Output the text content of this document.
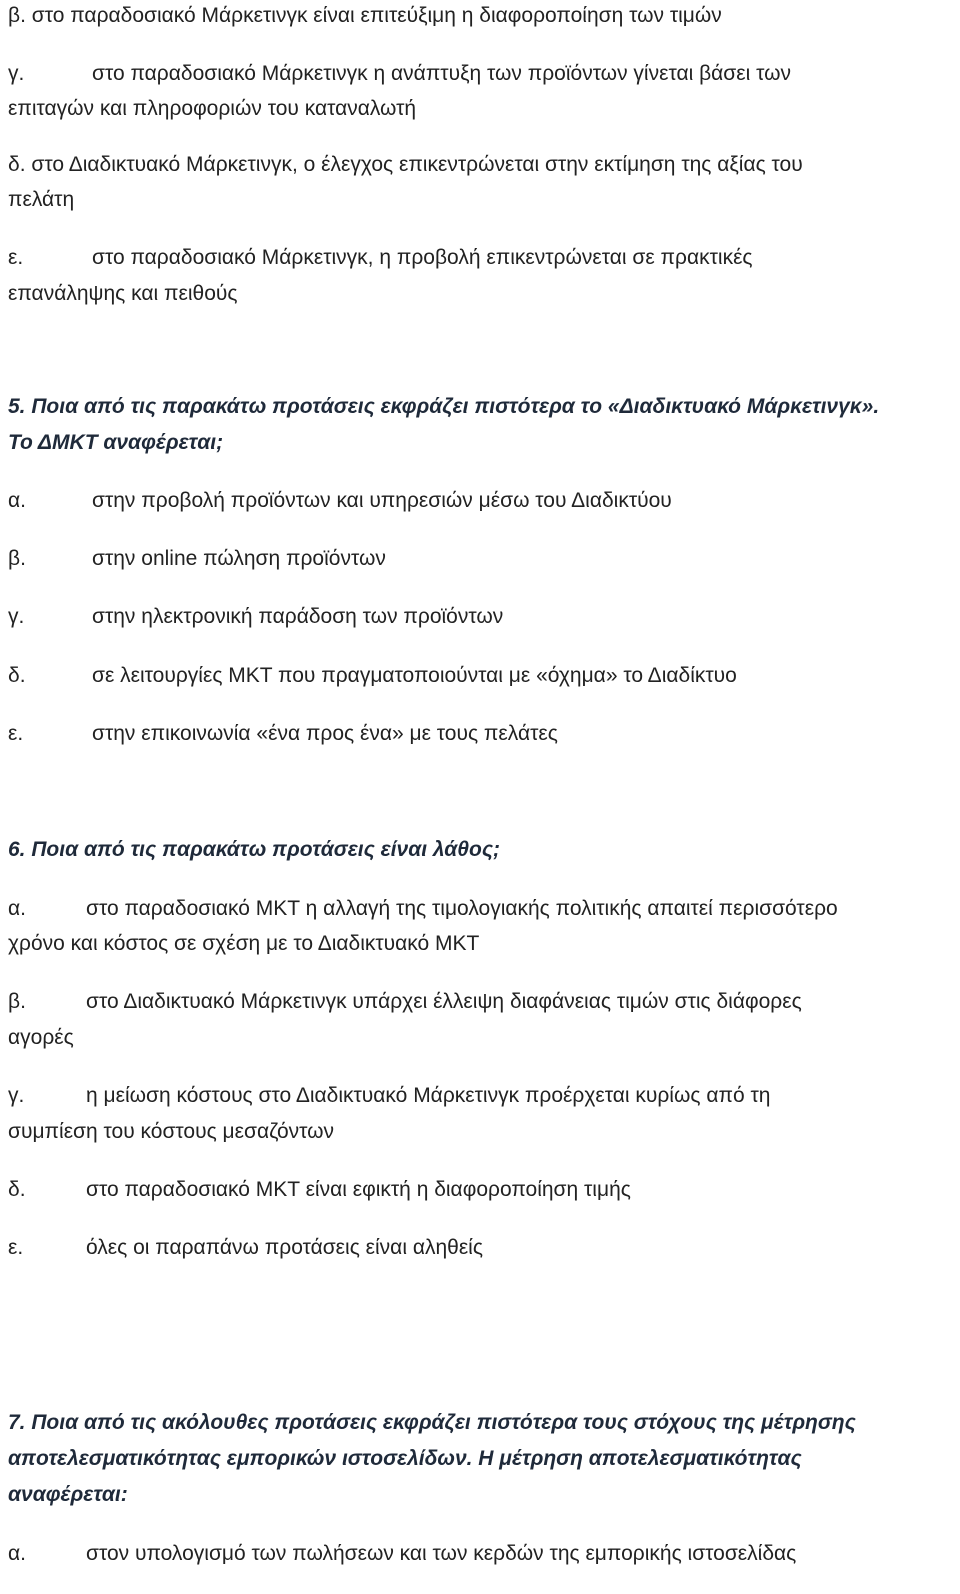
β. στο παραδοσιακό Μάρκετινγκ είναι επιτεύξιμη η διαφοροποίηση των τιμών

γ.	στο παραδοσιακό Μάρκετινγκ η ανάπτυξη των προϊόντων γίνεται βάσει των

επιταγών και πληροφοριών του καταναλωτή

δ. στο Διαδικτυακό Μάρκετινγκ, ο έλεγχος επικεντρώνεται στην εκτίμηση της αξίας του

πελάτη

ε.	στο παραδοσιακό Μάρκετινγκ, η προβολή επικεντρώνεται σε πρακτικές

επανάληψης και πειθούς

5. Ποια από τις παρακάτω προτάσεις εκφράζει πιστότερα το «Διαδικτυακό Μάρκετινγκ».

Το ΔΜΚΤ αναφέρεται;

α.	στην προβολή προϊόντων και υπηρεσιών μέσω του Διαδικτύου

β.	στην online πώληση προϊόντων

γ.	στην ηλεκτρονική παράδοση των προϊόντων

δ.	σε λειτουργίες ΜΚΤ που πραγματοποιούνται με «όχημα» το Διαδίκτυο

ε.	στην επικοινωνία «ένα προς ένα» με τους πελάτες

6. Ποια από τις παρακάτω προτάσεις είναι λάθος;

α.	στο παραδοσιακό ΜΚΤ η αλλαγή της τιμολογιακής πολιτικής απαιτεί περισσότερο

χρόνο και κόστος σε σχέση με το Διαδικτυακό ΜΚΤ

β.	στο Διαδικτυακό Μάρκετινγκ υπάρχει έλλειψη διαφάνειας τιμών στις διάφορες

αγορές

γ.	η μείωση κόστους στο Διαδικτυακό Μάρκετινγκ προέρχεται κυρίως από τη

συμπίεση του κόστους μεσαζόντων

δ.	στο παραδοσιακό ΜΚΤ είναι εφικτή η διαφοροποίηση τιμής

ε.	όλες οι παραπάνω προτάσεις είναι αληθείς

7. Ποια από τις ακόλουθες προτάσεις εκφράζει πιστότερα τους στόχους της μέτρησης

αποτελεσματικότητας εμπορικών ιστοσελίδων. Η μέτρηση αποτελεσματικότητας

αναφέρεται:

α.	στον υπολογισμό των πωλήσεων και των κερδών της εμπορικής ιστοσελίδας
